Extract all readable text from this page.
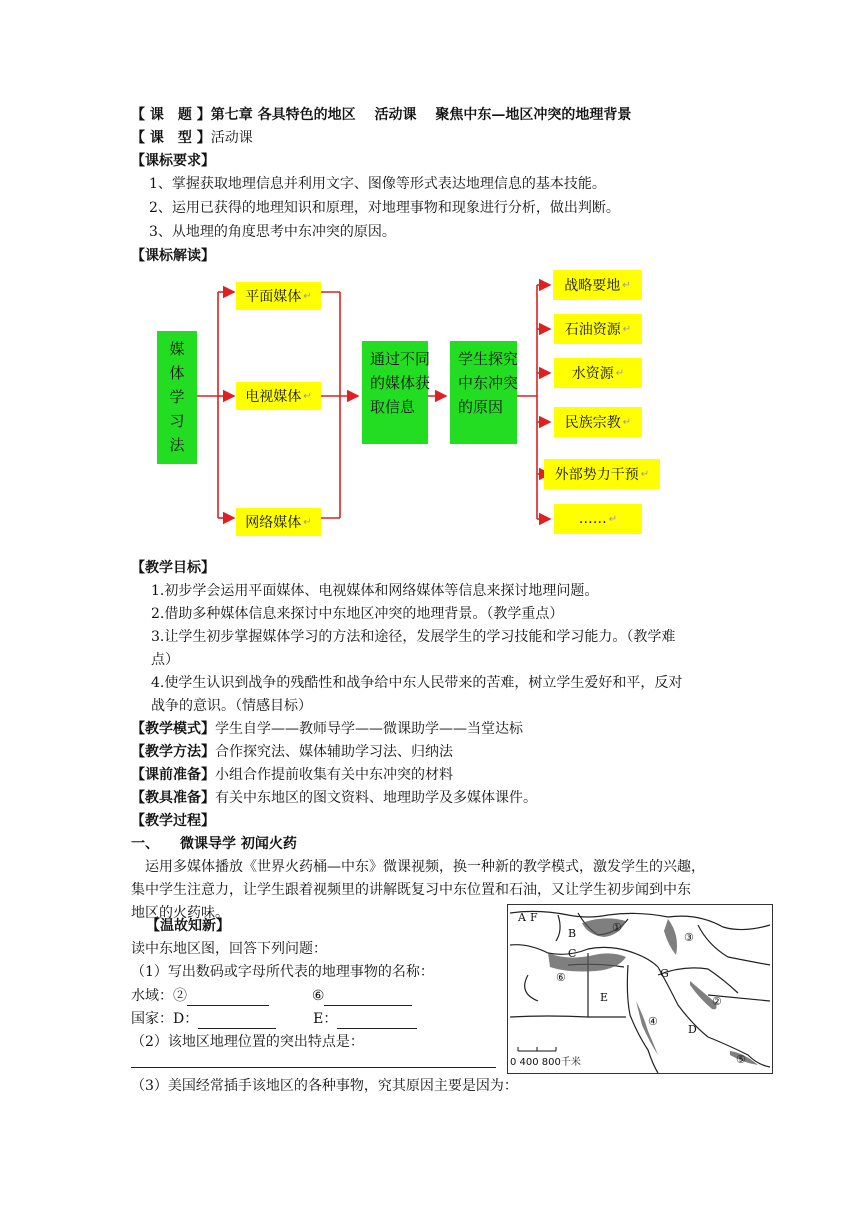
【 课　题 】第七章 各具特色的地区　 活动课　 聚焦中东—地区冲突的地理背景
【 课　型 】活动课
【课标要求】
1、掌握获取地理信息并利用文字、图像等形式表达地理信息的基本技能。
2、运用已获得的地理知识和原理，对地理事物和现象进行分析，做出判断。
3、从地理的角度思考中东冲突的原因。
【课标解读】
媒体学习法
平面媒体 ↵
电视媒体 ↵
网络媒体 ↵
通过不同的媒体获取信息
学生探究中东冲突的原因
战略要地 ↵
石油资源 ↵
水资源 ↵
民族宗教 ↵
外部势力干预 ↵
…… ↵
【教学目标】
1.初步学会运用平面媒体、电视媒体和网络媒体等信息来探讨地理问题。
2.借助多种媒体信息来探讨中东地区冲突的地理背景。（教学重点）
3.让学生初步掌握媒体学习的方法和途径，发展学生的学习技能和学习能力。（教学难
点）
4.使学生认识到战争的残酷性和战争给中东人民带来的苦难，树立学生爱好和平，反对
战争的意识。（情感目标）
【教学模式】学生自学——教师导学——微课助学——当堂达标
【教学方法】合作探究法、媒体辅助学习法、归纳法
【课前准备】小组合作提前收集有关中东冲突的材料
【教具准备】有关中东地区的图文资料、地理助学及多媒体课件。
【教学过程】
一、　　微课导学 初闻火药
　运用多媒体播放《世界火药桶—中东》微课视频，换一种新的教学模式，激发学生的兴趣，
集中学生注意力，让学生跟着视频里的讲解既复习中东位置和石油，又让学生初步闻到中东
地区的火药味。
【温故知新】
读中东地区图，回答下列问题：
（1）写出数码或字母所代表的地理事物的名称：
水域：②	⑥
国家：D：	E：
（2）该地区地理位置的突出特点是：
（3）美国经常插手该地区的各种事物，究其原因主要是因为：
A F
B
C
G
E
D
①
②
③
④
⑤
⑥
0 400 800千米
